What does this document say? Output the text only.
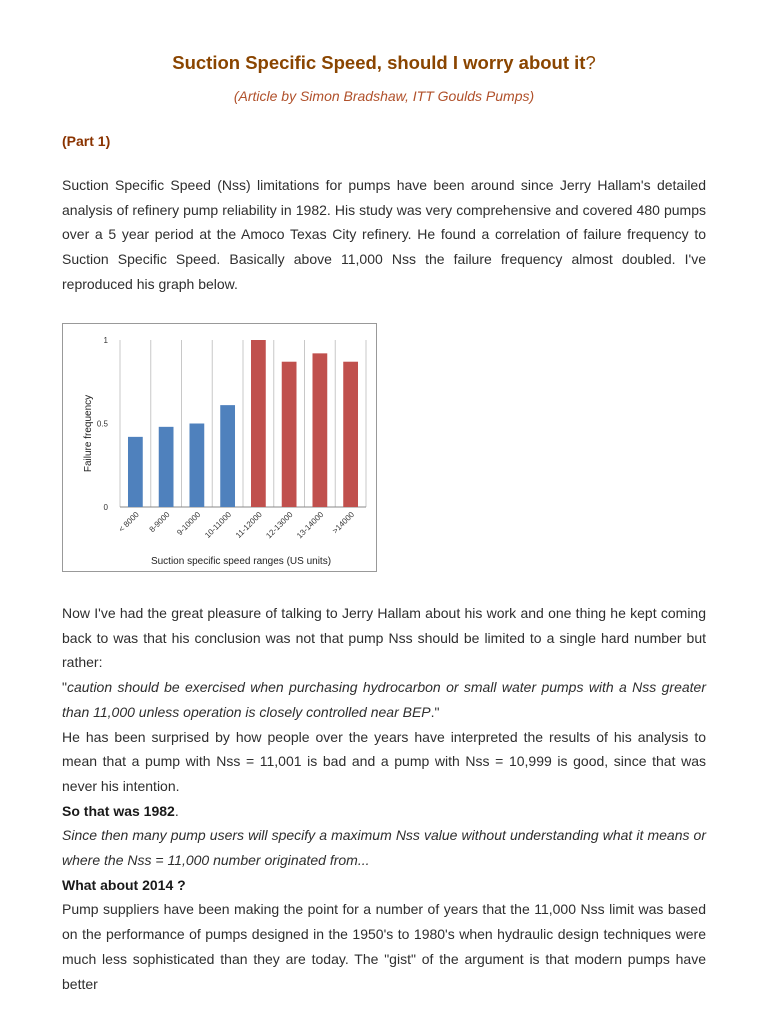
Suction Specific Speed, should I worry about it?
(Article by Simon Bradshaw, ITT Goulds Pumps)
(Part 1)
Suction Specific Speed (Nss) limitations for pumps have been around since Jerry Hallam's detailed analysis of refinery pump reliability in 1982. His study was very comprehensive and covered 480 pumps over a 5 year period at the Amoco Texas City refinery. He found a correlation of failure frequency to Suction Specific Speed. Basically above 11,000 Nss the failure frequency almost doubled. I've reproduced his graph below.
0
0.5
1
< 8000 8-9000 9-10000 10-11000 11-12000 12-13000 13-14000 >14000
Failure frequency
Suction specific speed ranges (US units)
Now I've had the great pleasure of talking to Jerry Hallam about his work and one thing he kept coming back to was that his conclusion was not that pump Nss should be limited to a single hard number but rather:
"caution should be exercised when purchasing hydrocarbon or small water pumps with a Nss greater than 11,000 unless operation is closely controlled near BEP."
He has been surprised by how people over the years have interpreted the results of his analysis to mean that a pump with Nss = 11,001 is bad and a pump with Nss = 10,999 is good, since that was never his intention.
So that was 1982.
Since then many pump users will specify a maximum Nss value without understanding what it means or where the Nss = 11,000 number originated from...
What about 2014 ?
Pump suppliers have been making the point for a number of years that the 11,000 Nss limit was based on the performance of pumps designed in the 1950's to 1980's when hydraulic design techniques were much less sophisticated than they are today. The "gist" of the argument is that modern pumps have better
